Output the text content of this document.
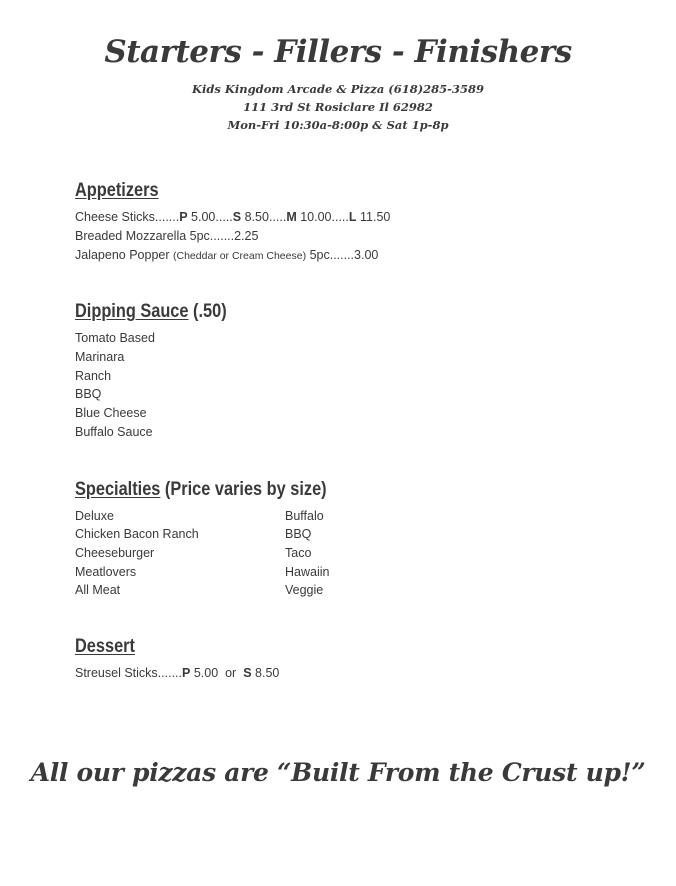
Starters - Fillers - Finishers
Kids Kingdom Arcade & Pizza (618)285-3589
111 3rd St Rosiclare Il 62982
Mon-Fri 10:30a-8:00p & Sat 1p-8p
Appetizers
Cheese Sticks.......P 5.00.....S 8.50.....M 10.00.....L 11.50
Breaded Mozzarella 5pc.......2.25
Jalapeno Popper (Cheddar or Cream Cheese) 5pc.......3.00
Dipping Sauce (.50)
Tomato Based
Marinara
Ranch
BBQ
Blue Cheese
Buffalo Sauce
Specialties (Price varies by size)
Deluxe
Chicken Bacon Ranch
Cheeseburger
Meatlovers
All Meat
Buffalo
BBQ
Taco
Hawaiin
Veggie
Dessert
Streusel Sticks.......P 5.00 or S 8.50
All our pizzas are “Built From the Crust up!”
